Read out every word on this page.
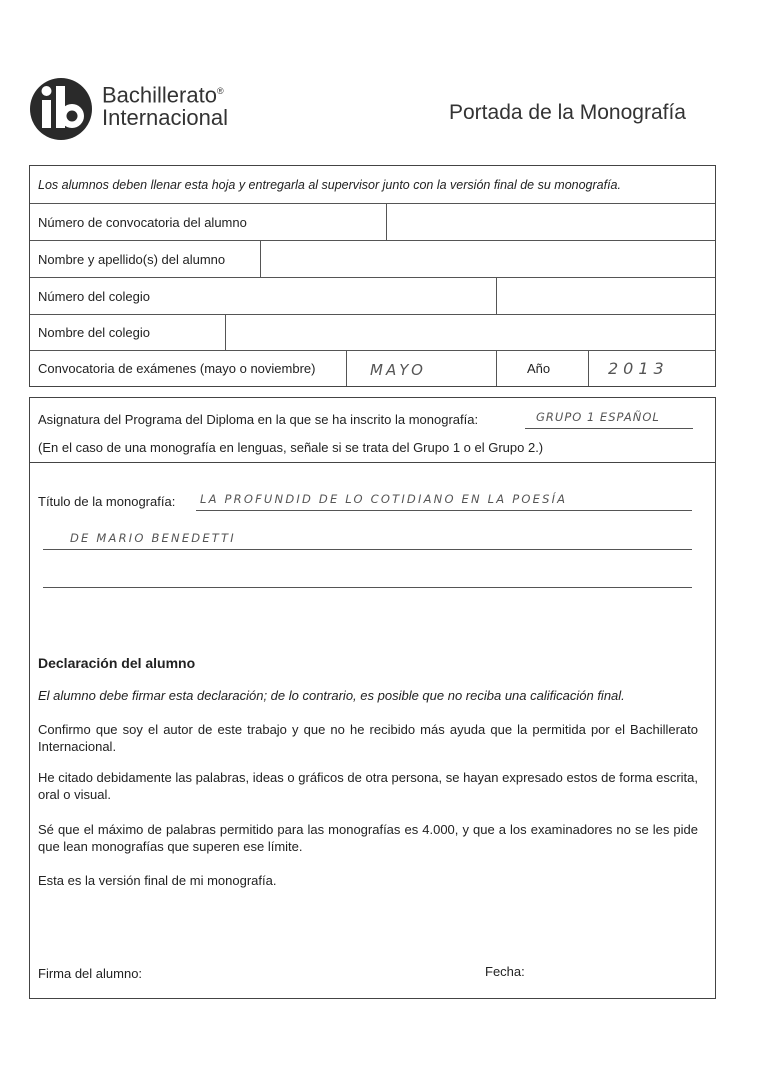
Bachillerato®
Internacional	Portada de la Monografía
Los alumnos deben llenar esta hoja y entregarla al supervisor junto con la versión final de su monografía.
Número de convocatoria del alumno
Nombre y apellido(s) del alumno
Número del colegio
Nombre del colegio
Convocatoria de exámenes (mayo o noviembre)	MAYO	Año	2013
Asignatura del Programa del Diploma en la que se ha inscrito la monografía:	GRUPO 1 ESPAÑOL
(En el caso de una monografía en lenguas, señale si se trata del Grupo 1 o el Grupo 2.)
Título de la monografía: LA PROFUNDID DE LO COTIDIANO EN LA POESÍA
DE MARIO BENEDETTI
Declaración del alumno
El alumno debe firmar esta declaración; de lo contrario, es posible que no reciba una calificación final.

Confirmo que soy el autor de este trabajo y que no he recibido más ayuda que la permitida por el Bachillerato Internacional.

He citado debidamente las palabras, ideas o gráficos de otra persona, se hayan expresado estos de forma escrita, oral o visual.

Sé que el máximo de palabras permitido para las monografías es 4.000, y que a los examinadores no se les pide que lean monografías que superen ese límite.

Esta es la versión final de mi monografía.

Firma del alumno:	Fecha:
